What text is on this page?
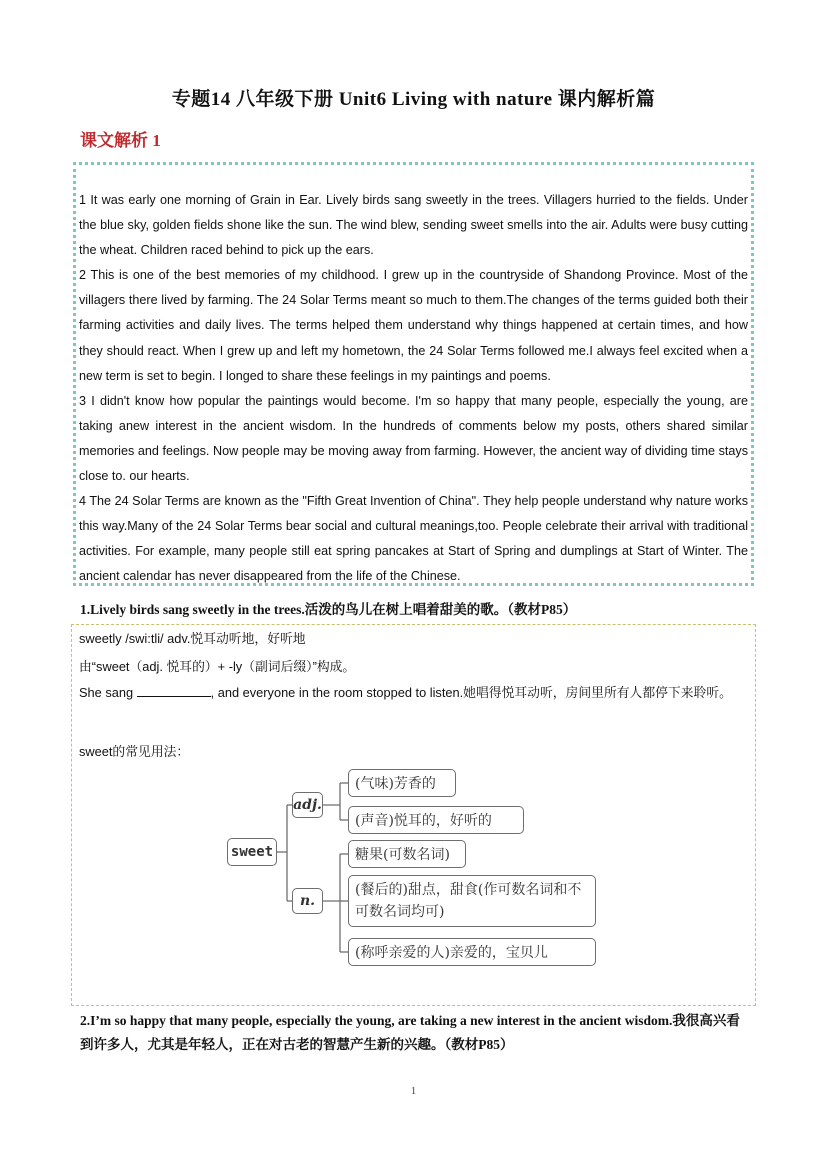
专题14 八年级下册 Unit6 Living with nature 课内解析篇
课文解析 1

1 It was early one morning of Grain in Ear. Lively birds sang sweetly in the trees. Villagers hurried to the fields. Under the blue sky, golden fields shone like the sun. The wind blew, sending sweet smells into the air. Adults were busy cutting the wheat. Children raced behind to pick up the ears.

2 This is one of the best memories of my childhood. I grew up in the countryside of Shandong Province. Most of the villagers there lived by farming. The 24 Solar Terms meant so much to them.The changes of the terms guided both their farming activities and daily lives. The terms helped them understand why things happened at certain times, and how they should react. When I grew up and left my hometown, the 24 Solar Terms followed me.I always feel excited when a new term is set to begin. I longed to share these feelings in my paintings and poems.

3 I didn't know how popular the paintings would become. I'm so happy that many people, especially the young, are taking anew interest in the ancient wisdom. In the hundreds of comments below my posts, others shared similar memories and feelings. Now people may be moving away from farming. However, the ancient way of dividing time stays close to. our hearts.

4 The 24 Solar Terms are known as the "Fifth Great Invention of China". They help people understand why nature works this way.Many of the 24 Solar Terms bear social and cultural meanings,too. People celebrate their arrival with traditional activities. For example, many people still eat spring pancakes at Start of Spring and dumplings at Start of Winter. The ancient calendar has never disappeared from the life of the Chinese.

1.Lively birds sang sweetly in the trees.活泼的鸟儿在树上唱着甜美的歌。（教材P85）
sweetly /swi:tli/ adv.悦耳动听地，好听地
由“sweet（adj. 悦耳的）+ -ly（副词后缀）”构成。
She sang	, and everyone in the room stopped to listen.她唱得悦耳动听，房间里所有人都停下来聆听。
sweet的常见用法：
sweet
adj.
n.
(气味)芳香的
(声音)悦耳的，好听的
糖果(可数名词)
(餐后的)甜点，甜食(作可数名词和不可数名词均可)
(称呼亲爱的人)亲爱的，宝贝儿
2.I’m so happy that many people, especially the young, are taking a new interest in the ancient wisdom.我很高兴看到许多人，尤其是年轻人，正在对古老的智慧产生新的兴趣。（教材P85）
1
